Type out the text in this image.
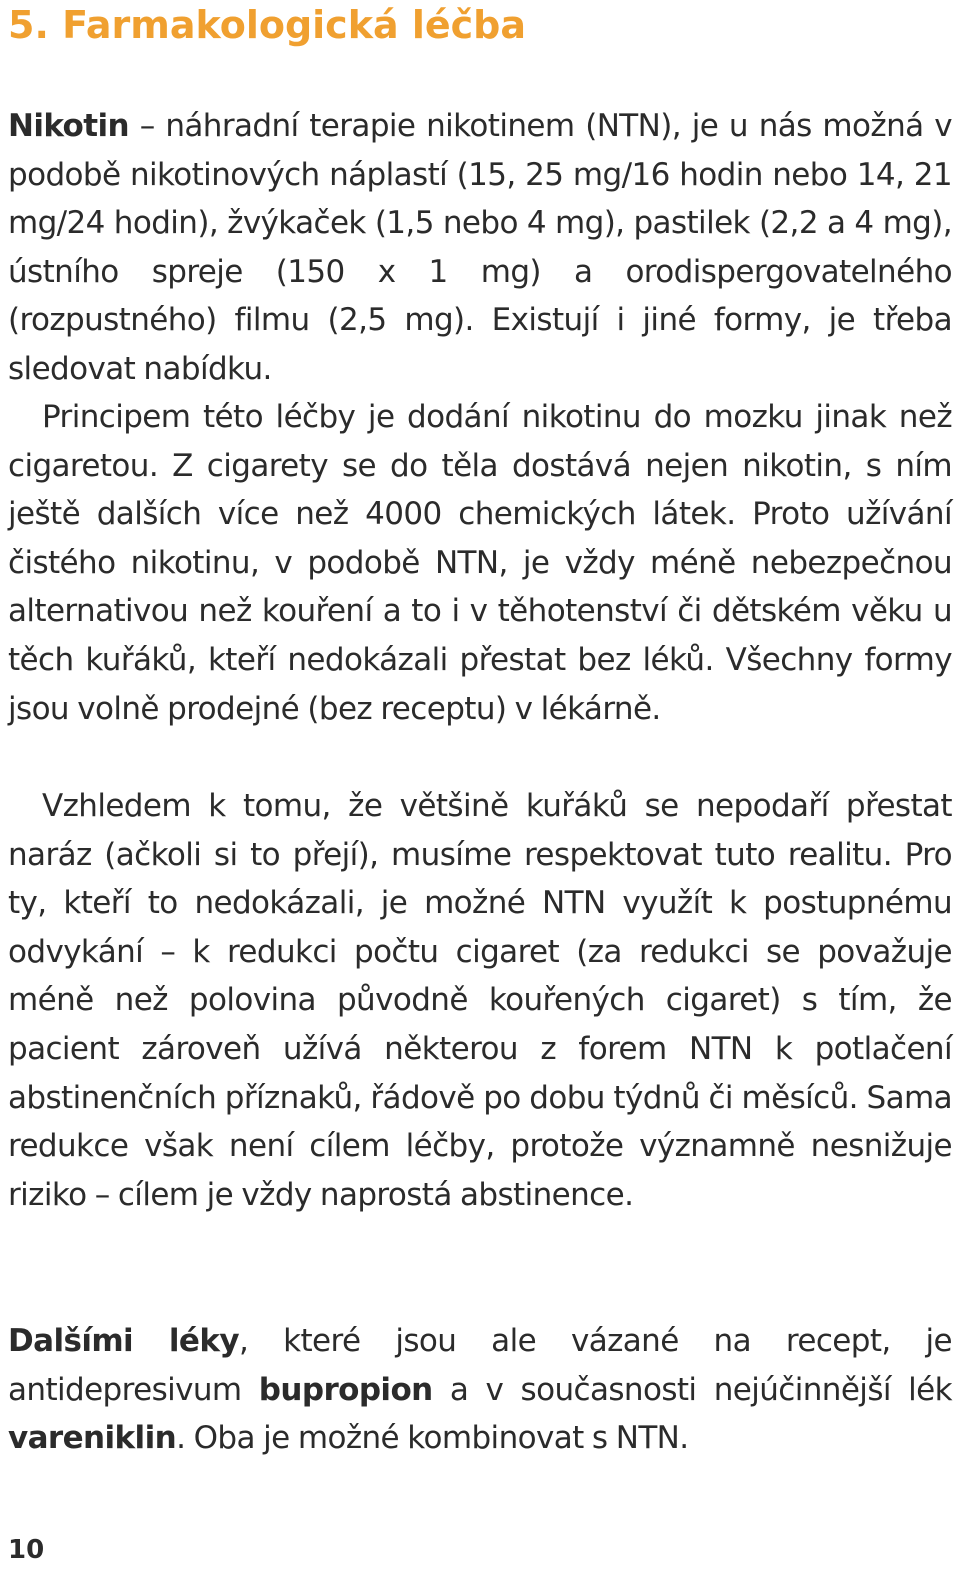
5. Farmakologická léčba

Nikotin – náhradní terapie nikotinem (NTN), je u nás možná v podobě nikotinových náplastí (15, 25 mg/16 hodin nebo 14, 21 mg/24 hodin), žvýkaček (1,5 nebo 4 mg), pastilek (2,2 a 4 mg), ústního spreje (150 x 1 mg) a orodispergovatelného (rozpustného) filmu (2,5 mg). Existují i jiné formy, je třeba sledovat nabídku.

Principem této léčby je dodání nikotinu do mozku jinak než cigaretou. Z cigarety se do těla dostává nejen nikotin, s ním ještě dalších více než 4000 chemických látek. Proto užívání čistého nikotinu, v podobě NTN, je vždy méně nebezpečnou alternativou než kouření a to i v těhotenství či dětském věku u těch kuřáků, kteří nedokázali přestat bez léků. Všechny formy jsou volně prodejné (bez receptu) v lékárně.

Vzhledem k tomu, že většině kuřáků se nepodaří přestat naráz (ačkoli si to přejí), musíme respektovat tuto realitu. Pro ty, kteří to nedokázali, je možné NTN využít k postupnému odvykání – k redukci počtu cigaret (za redukci se považuje méně než polovina původně kouřených cigaret) s tím, že pacient zároveň užívá některou z forem NTN k potlačení abstinenčních příznaků, řádově po dobu týdnů či měsíců. Sama redukce však není cílem léčby, protože významně nesnižuje riziko – cílem je vždy naprostá abstinence.

Dalšími léky, které jsou ale vázané na recept, je antidepresivum bupropion a v současnosti nejúčinnější lék vareniklin. Oba je možné kombinovat s NTN.

10
